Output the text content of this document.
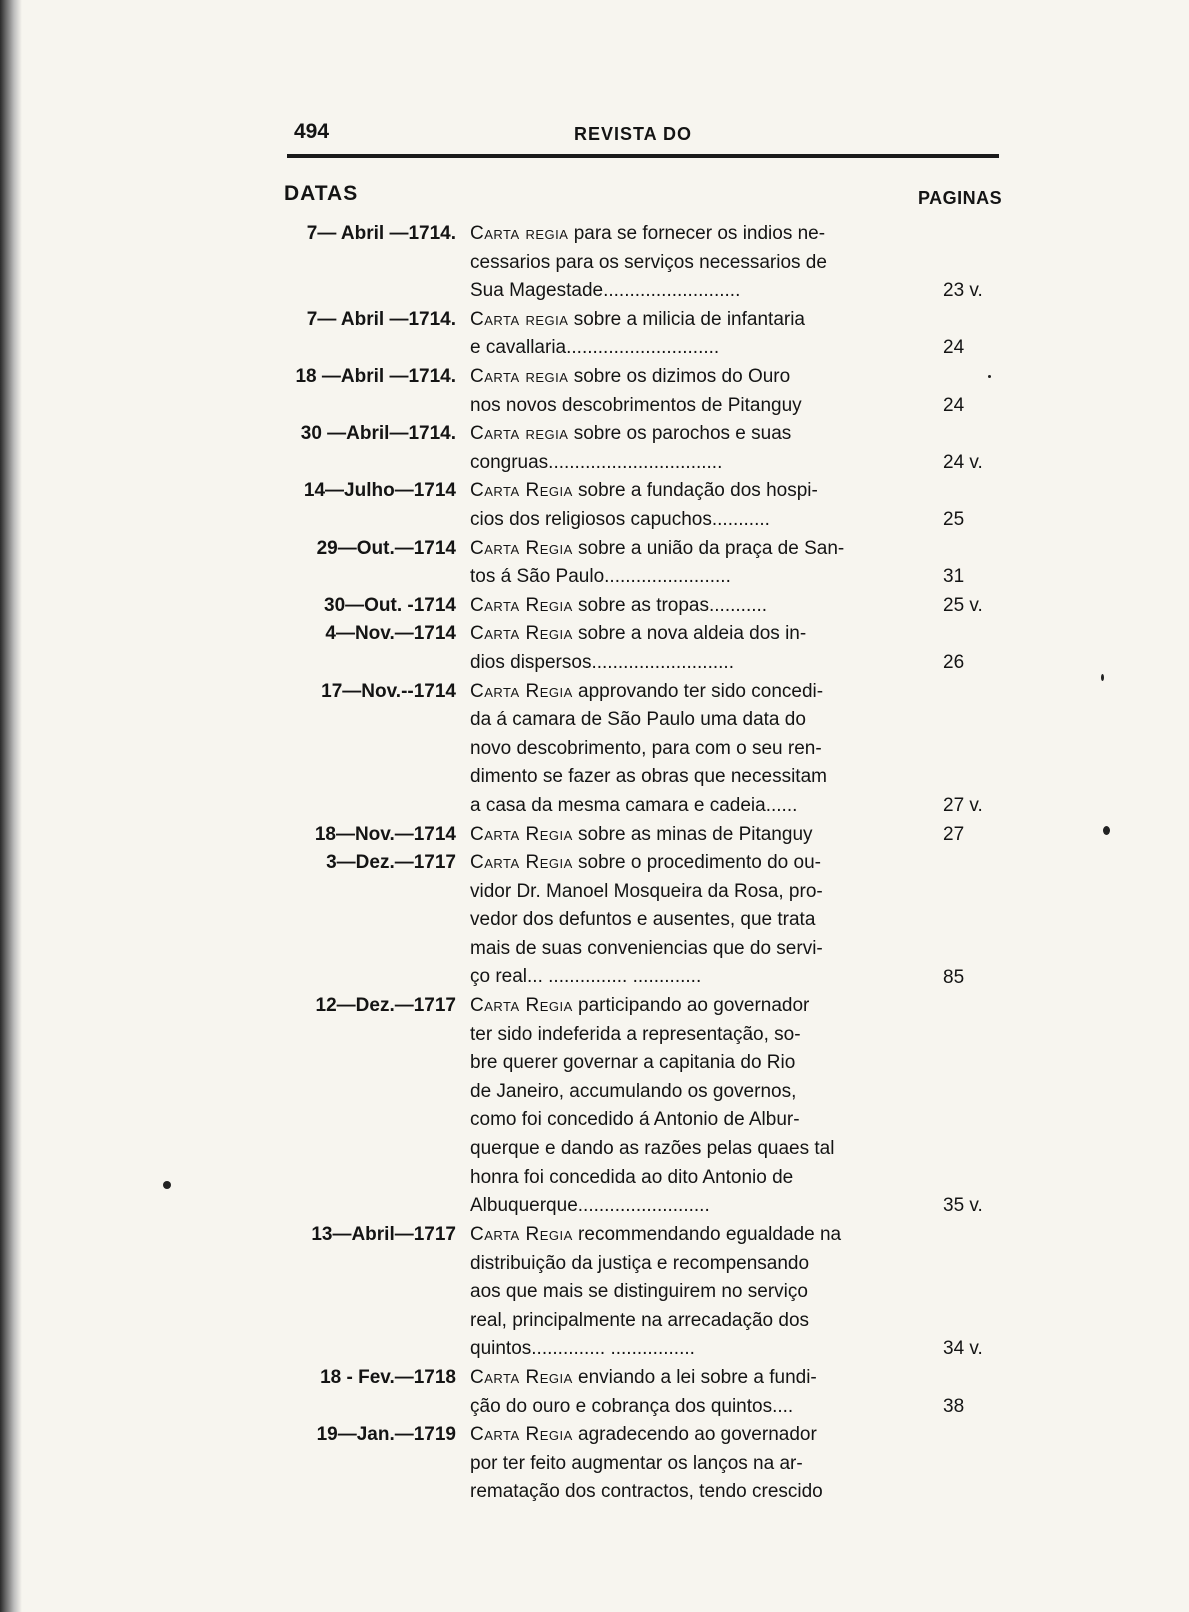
494	REVISTA DO
DATAS	PAGINAS
7— Abril —1714. Carta regia para se fornecer os indios ne-
cessarios para os serviços necessarios de
Sua Magestade..........................	23 v.
7— Abril —1714. Carta regia sobre a milicia de infantaria
e cavallaria.............................	24
18 —Abril —1714. Carta regia sobre os dizimos do Ouro
nos novos descobrimentos de Pitanguy	24
30 —Abril—1714. Carta regia sobre os parochos e suas
congruas.................................	24 v.
14—Julho—1714 Carta Regia sobre a fundação dos hospi-
cios dos religiosos capuchos...........	25
29—Out.—1714 Carta Regia sobre a união da praça de San-
tos á São Paulo........................	31
30—Out. -1714 Carta Regia sobre as tropas...........	25 v.
4—Nov.—1714 Carta Regia sobre a nova aldeia dos in-
dios dispersos...........................	26
17—Nov.--1714 Carta Regia approvando ter sido concedi-
da á camara de São Paulo uma data do
novo descobrimento, para com o seu ren-
dimento se fazer as obras que necessitam
a casa da mesma camara e cadeia......	27 v.
18—Nov.—1714 Carta Regia sobre as minas de Pitanguy	27
3—Dez.—1717 Carta Regia sobre o procedimento do ou-
vidor Dr. Manoel Mosqueira da Rosa, pro-
vedor dos defuntos e ausentes, que trata
mais de suas conveniencias que do servi-
ço real... ............... .............	85
12—Dez.—1717 Carta Regia participando ao governador
ter sido indeferida a representação, so-
bre querer governar a capitania do Rio
de Janeiro, accumulando os governos,
como foi concedido á Antonio de Albur-
querque e dando as razões pelas quaes tal
honra foi concedida ao dito Antonio de
Albuquerque.........................	35 v.
13—Abril—1717 Carta Regia recommendando egualdade na
distribuição da justiça e recompensando
aos que mais se distinguirem no serviço
real, principalmente na arrecadação dos
quintos.............. ................	34 v.
18 - Fev.—1718 Carta Regia enviando a lei sobre a fundi-
ção do ouro e cobrança dos quintos....	38
19—Jan.—1719 Carta Regia agradecendo ao governador
por ter feito augmentar os lanços na ar-
rematação dos contractos, tendo crescido
